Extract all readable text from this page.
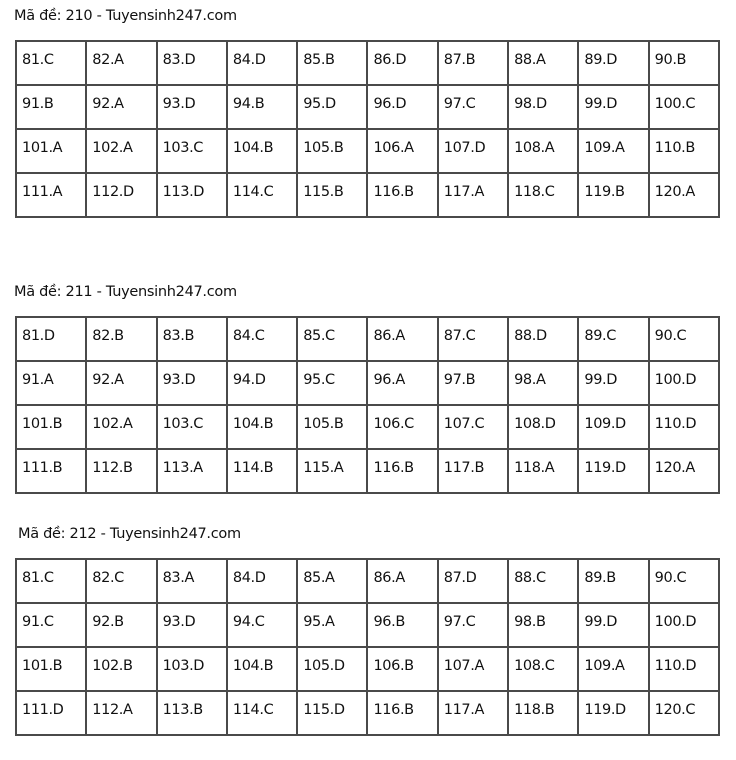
Mã đề: 210 - Tuyensinh247.com
81.C	82.A	83.D	84.D	85.B	86.D	87.B	88.A	89.D	90.B

91.B	92.A	93.D	94.B	95.D	96.D	97.C	98.D	99.D	100.C

101.A	102.A	103.C	104.B	105.B	106.A	107.D	108.A	109.A	110.B

111.A	112.D	113.D	114.C	115.B	116.B	117.A	118.C	119.B	120.A
Mã đề: 211 - Tuyensinh247.com
81.D	82.B	83.B	84.C	85.C	86.A	87.C	88.D	89.C	90.C

91.A	92.A	93.D	94.D	95.C	96.A	97.B	98.A	99.D	100.D

101.B	102.A	103.C	104.B	105.B	106.C	107.C	108.D	109.D	110.D

111.B	112.B	113.A	114.B	115.A	116.B	117.B	118.A	119.D	120.A
Mã đề: 212 - Tuyensinh247.com
81.C	82.C	83.A	84.D	85.A	86.A	87.D	88.C	89.B	90.C

91.C	92.B	93.D	94.C	95.A	96.B	97.C	98.B	99.D	100.D

101.B	102.B	103.D	104.B	105.D	106.B	107.A	108.C	109.A	110.D

111.D	112.A	113.B	114.C	115.D	116.B	117.A	118.B	119.D	120.C
